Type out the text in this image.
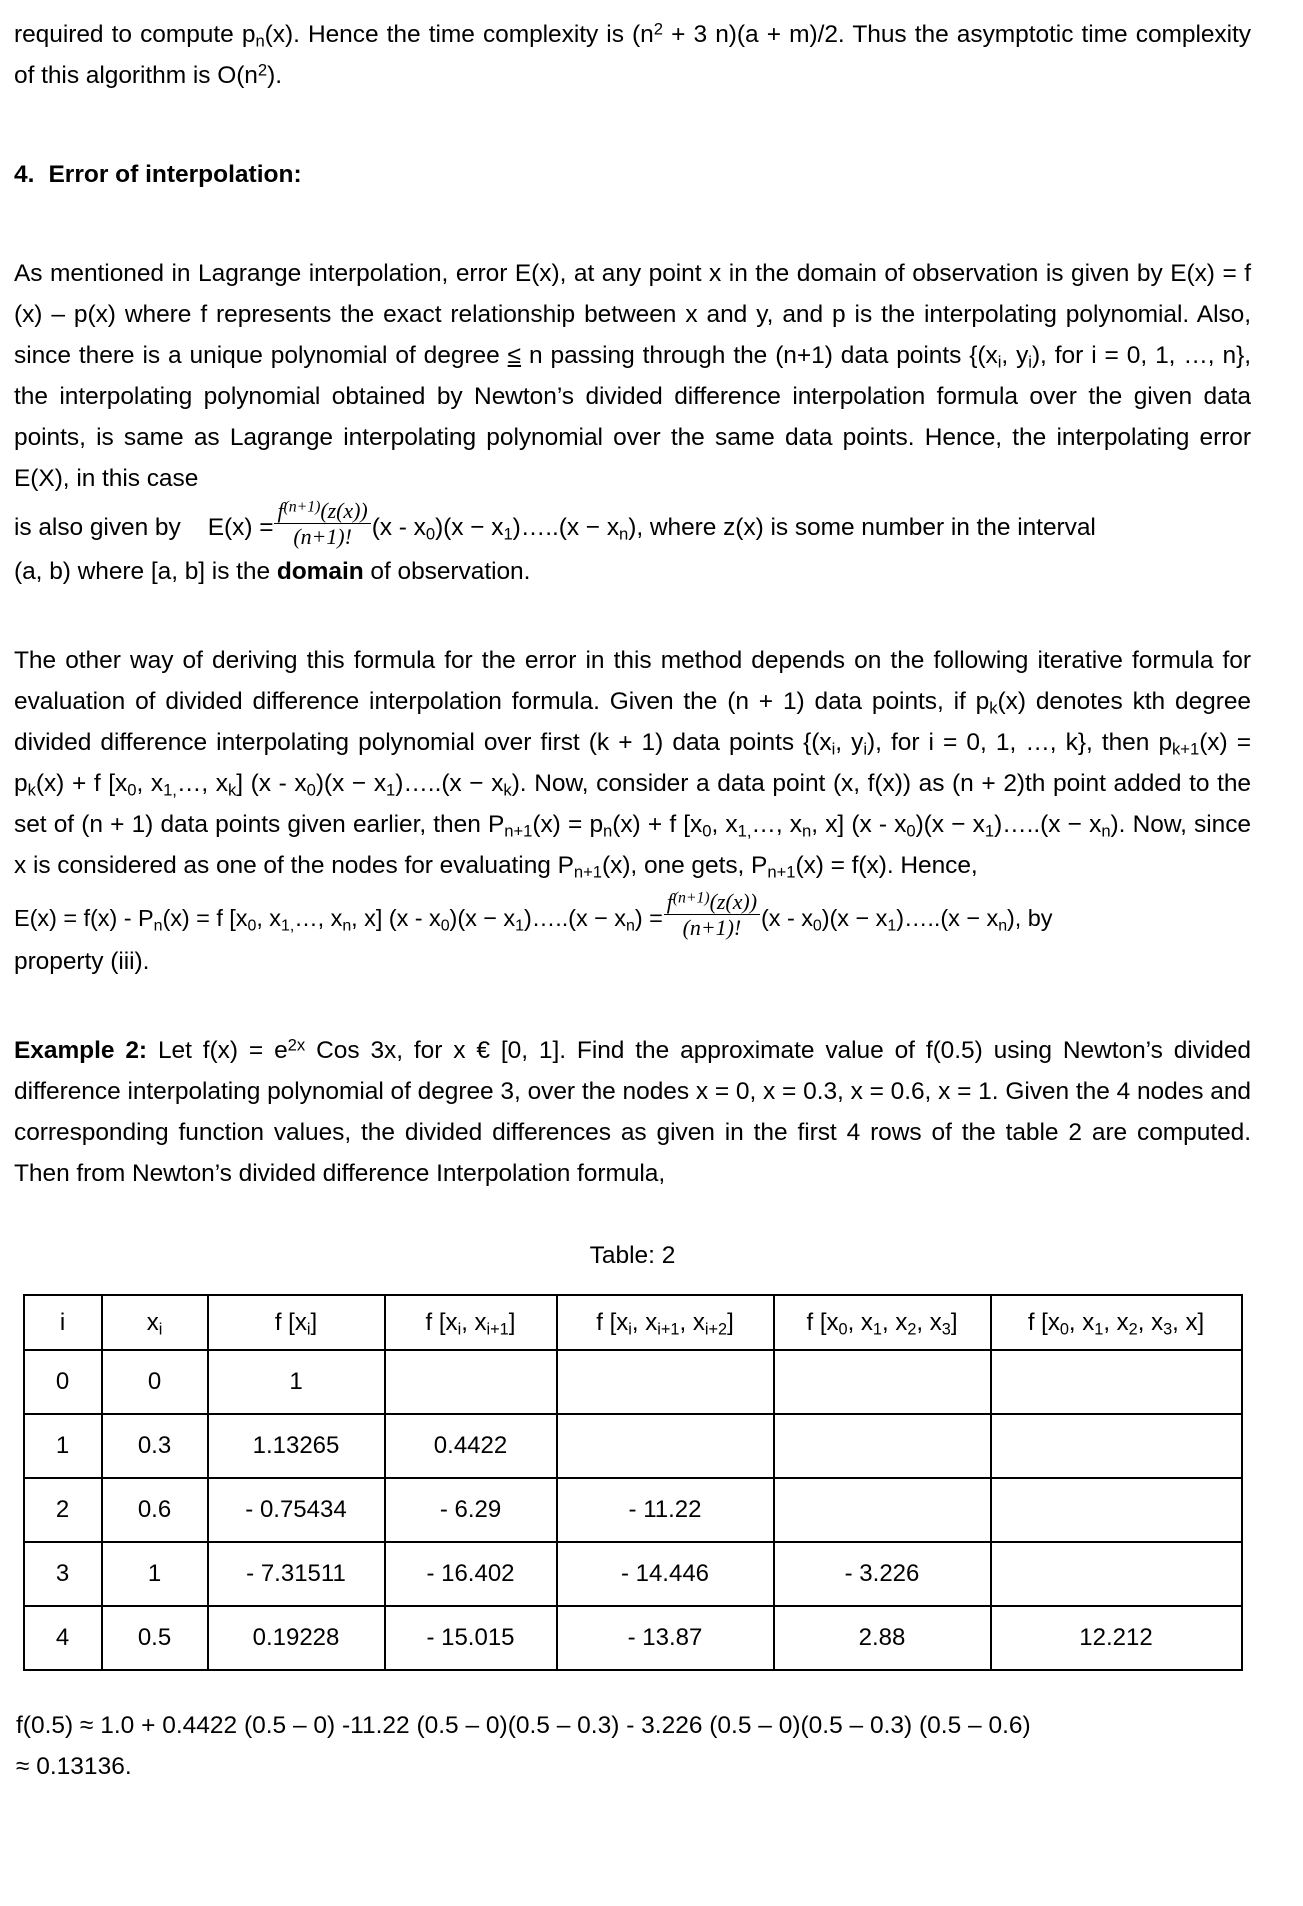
required to compute $p_n(x)$. Hence the time complexity is ($n^2 + 3$ n)(a + m)/2. Thus the asymptotic time complexity of this algorithm is $O(n^2)$.

4. Error of interpolation:

As mentioned in Lagrange interpolation, error E(x), at any point x in the domain of observation is given by E(x) = f (x) – p(x) where f represents the exact relationship between x and y, and p is the interpolating polynomial. Also, since there is a unique polynomial of degree ≤ n passing through the (n+1) data points {($x_i$, $y_i$), for i = 0, 1, …, n}, the interpolating polynomial obtained by Newton’s divided difference interpolation formula over the given data points, is same as Lagrange interpolating polynomial over the same data points. Hence, the interpolating error E(X), in this case

is also given by $E(x) = \frac{f^{(n+1)}(z(x))}{(n+1)!} (x - x_0)(x$ − $x_1)\dots..(x - x_n)$, where z(x) is some number in the interval

(a, b) where [a, b] is the domain of observation.

The other way of deriving this formula for the error in this method depends on the following iterative formula for evaluation of divided difference interpolation formula. Given the (n + 1) data points, if $p_k(x)$ denotes kth degree divided difference interpolating polynomial over first (k + 1) data points {($x_i$, $y_i$), for i = 0, 1, …, k}, then $p_{k+1}(x) = p_k(x) + f$ [$x_0$, $x_{1,}\dots$, $x_k$] $(x - x_0)(x$ − $x_1)\dots..(x - x_k)$. Now, consider a data point (x, f(x)) as (n + 2)th point added to the set of (n + 1) data points given earlier, then $P_{n+1}(x) = p_n(x) + f$ [$x_0$, $x_{1,}\dots$, $x_n$, x] $(x - x_0)(x$ − $x_1)\dots..(x - x_n)$. Now, since x is considered as one of the nodes for evaluating $P_{n+1}(x)$, one gets, $P_{n+1}(x) = f(x)$. Hence,

$E(x) = f(x) - P_n(x) = f$ [$x_0$, $x_{1,}\dots$, $x_n$, x] $(x - x_0)(x$ − $x_1)\dots..(x - x_n) = \frac{f^{(n+1)}(z(x))}{(n+1)!} (x - x_0)(x$ − $x_1)\dots..(x - x_n)$, by

property (iii).

Example 2: Let $f(x) = e^{2x}$ Cos 3x, for x € [0, 1]. Find the approximate value of f(0.5) using Newton’s divided difference interpolating polynomial of degree 3, over the nodes x = 0, x = 0.3, x = 0.6, x = 1. Given the 4 nodes and corresponding function values, the divided differences as given in the first 4 rows of the table 2 are computed. Then from Newton’s divided difference Interpolation formula,

Table: 2

i	$x_i$	f $[x_i]$	f [$x_i$, $x_{i+1}$]	f [$x_i$, $x_{i+1}$, $x_{i+2}$]	f [$x_0$, $x_1$, $x_2$, $x_3$]	f [$x_0$, $x_1$, $x_2$, $x_3$, x]
0	0	1				
1	0.3	1.13265	0.4422			
2	0.6	- 0.75434	- 6.29	- 11.22		
3	1	- 7.31511	- 16.402	- 14.446	- 3.226	
4	0.5	0.19228	- 15.015	- 13.87	2.88	12.212
f(0.5) ≈ 1.0 + 0.4422 (0.5 – 0) -11.22 (0.5 – 0)(0.5 – 0.3) - 3.226 (0.5 – 0)(0.5 – 0.3) (0.5 – 0.6)
≈ 0.13136.
